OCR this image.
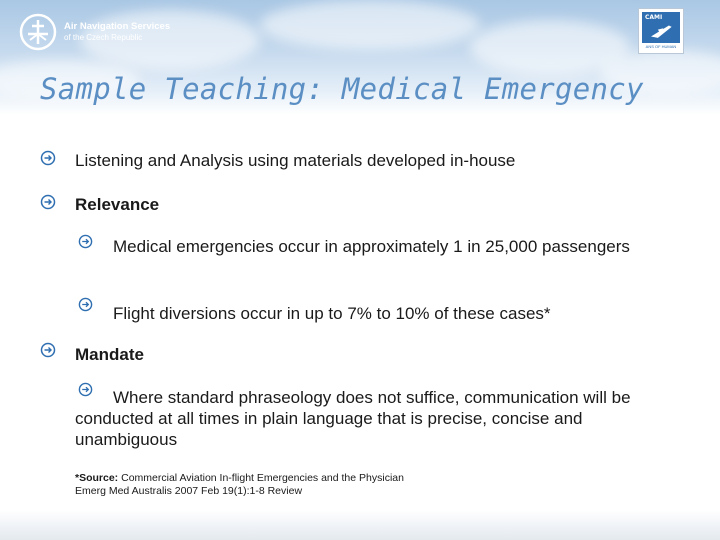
Air Navigation Services
of the Czech Republic
CAMI
ANS OF HUMAN
Sample Teaching: Medical Emergency
Listening and Analysis using materials developed in-house
Relevance
Medical emergencies occur in approximately 1 in 25,000 passengers
Flight diversions occur in up to 7% to 10% of these cases*
Mandate
Where standard phraseology does not suffice, communication will be conducted at all times in plain language that is precise, concise and unambiguous
*Source: Commercial Aviation In-flight Emergencies and the Physician
Emerg Med Australis 2007 Feb 19(1):1-8 Review
